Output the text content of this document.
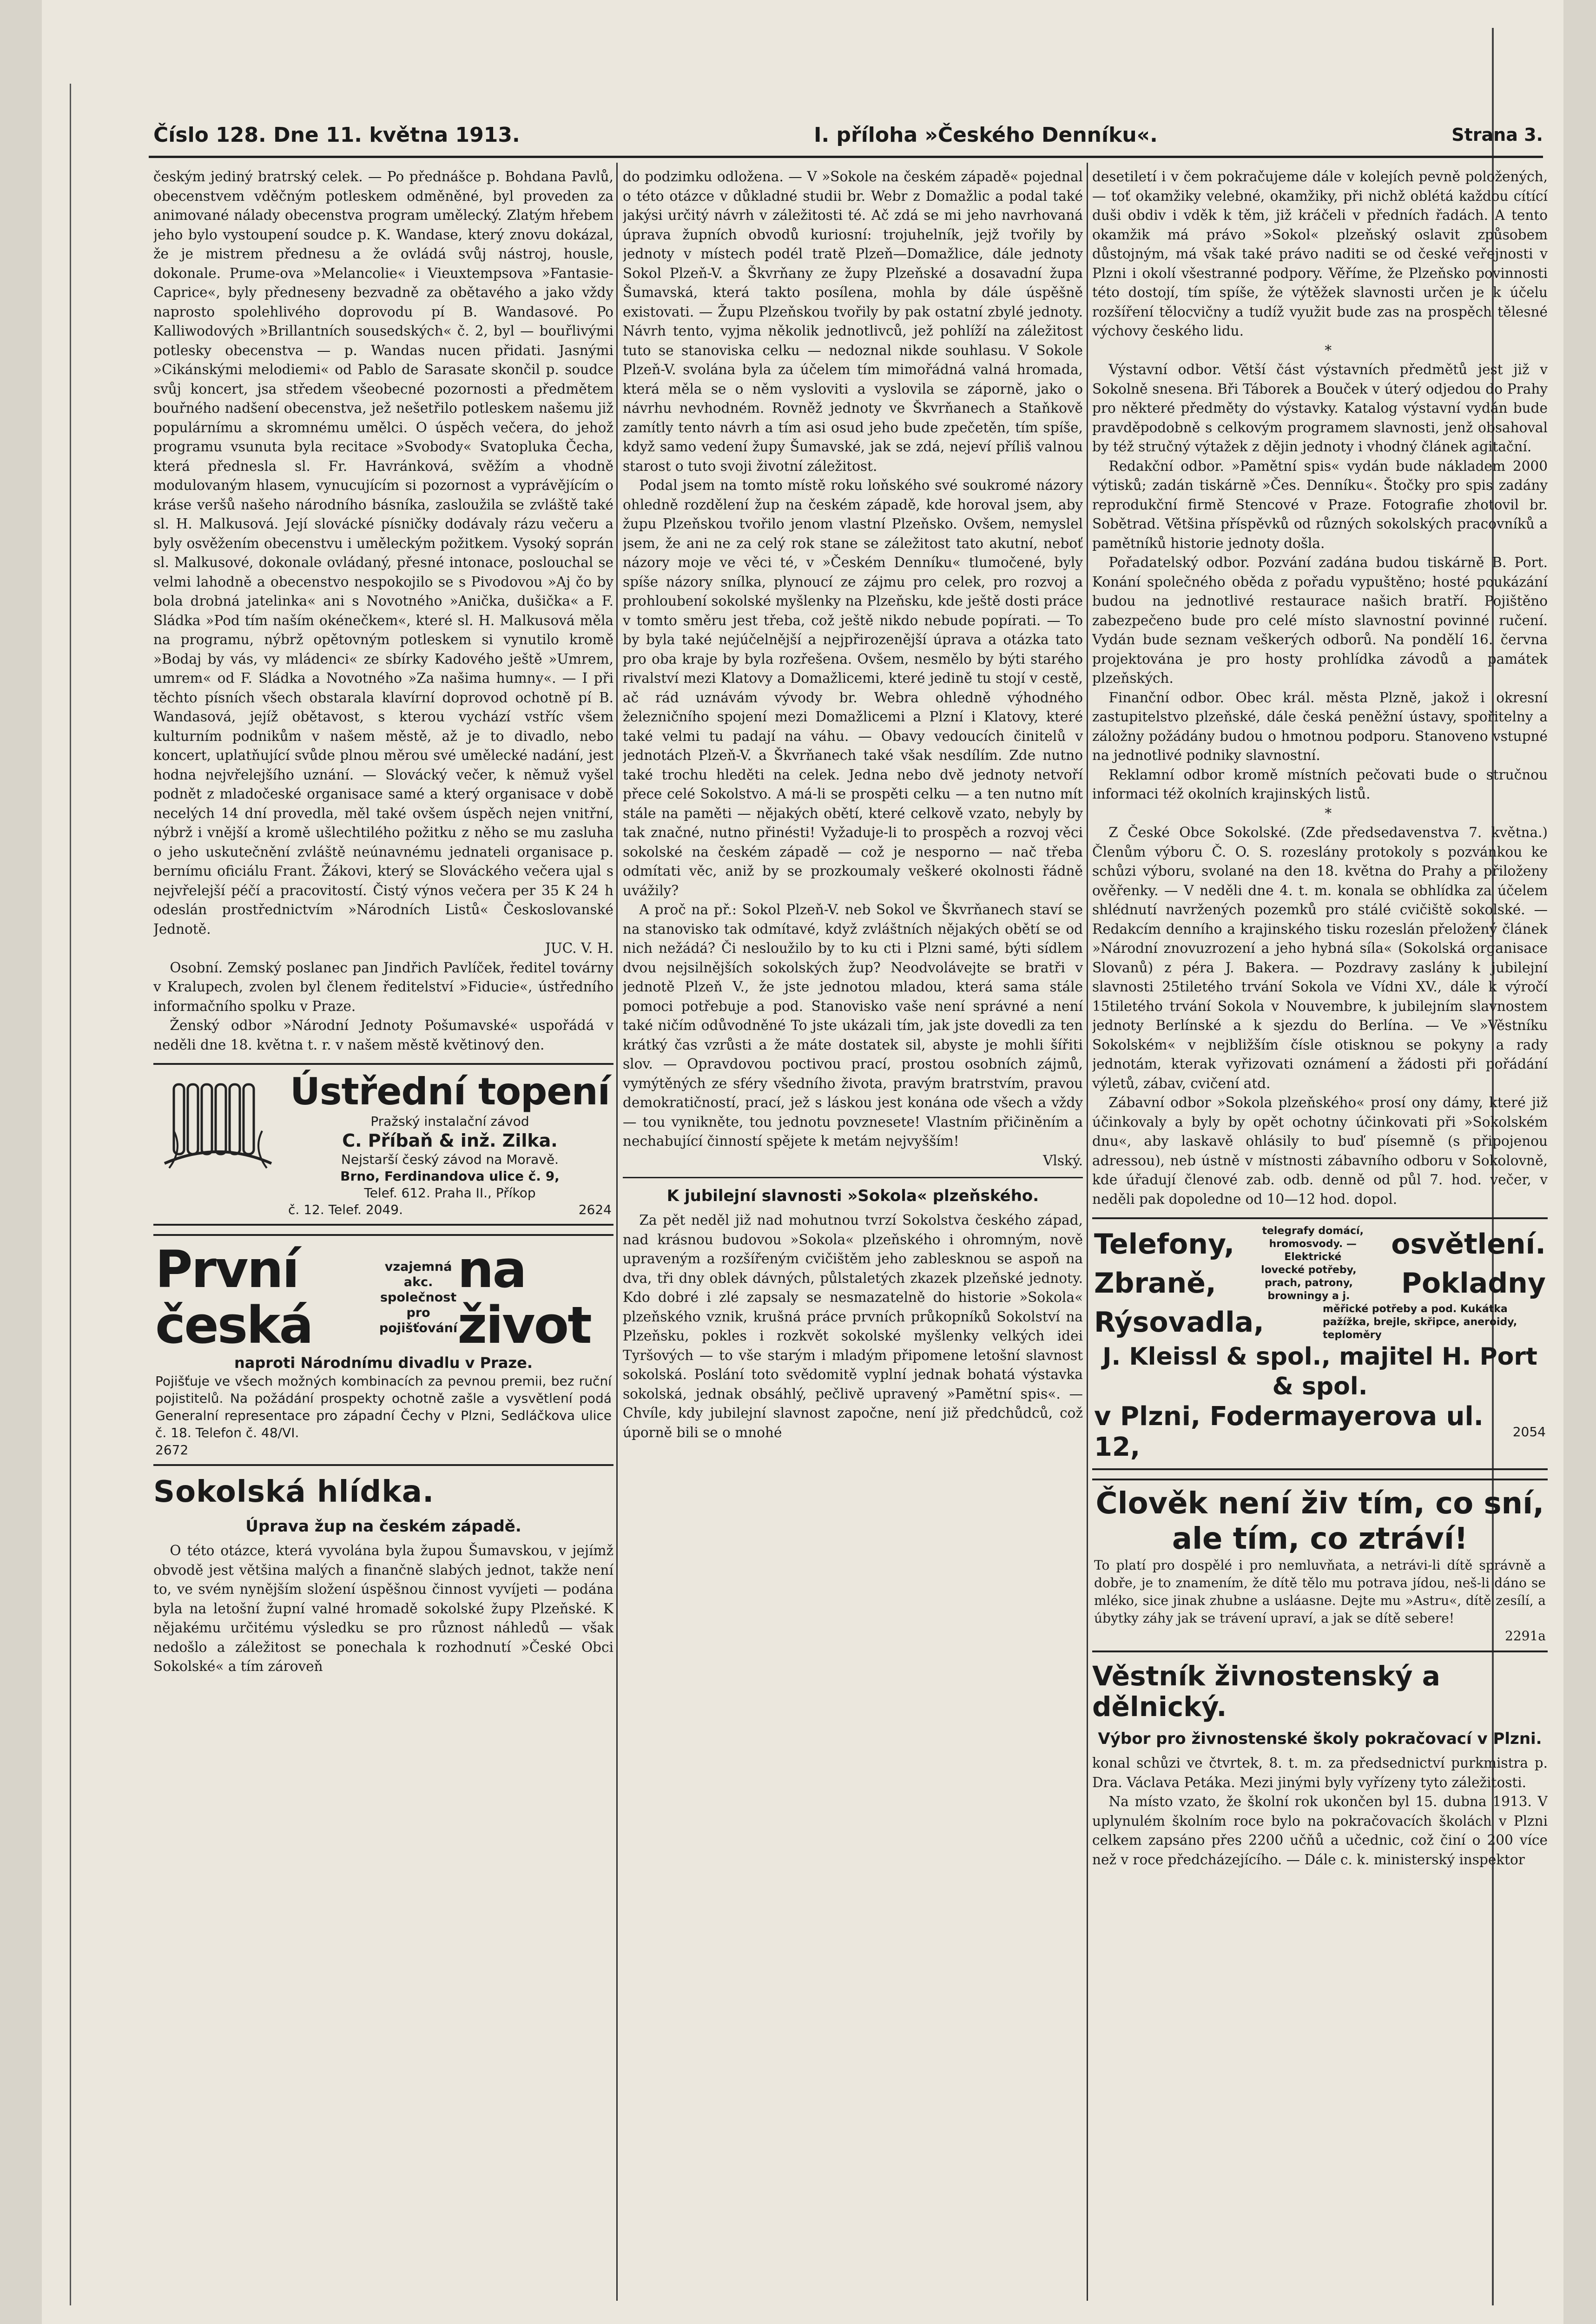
Číslo 128. Dne 11. května 1913.	I. příloha »Českého Denníku«.	Strana 3.

českým jediný bratrský celek. — Po přednášce p. Bohdana Pavlů, obecenstvem vděčným potleskem odměněné, byl proveden za animované nálady obecenstva program umělecký. Zlatým hřebem jeho bylo vystoupení soudce p. K. Wandase, který znovu dokázal, že je mistrem přednesu a že ovládá svůj nástroj, housle, dokonale. Prume-ova »Melancolie« i Vieuxtempsova »Fantasie-Caprice«, byly předneseny bezvadně za obětavého a jako vždy naprosto spolehlivého doprovodu pí B. Wandasové. Po Kalliwodových »Brillantních sousedských« č. 2, byl — bouřlivými potlesky obecenstva — p. Wandas nucen přidati. Jasnými »Cikánskými melodiemi« od Pablo de Sarasate skončil p. soudce svůj koncert, jsa středem všeobecné pozornosti a předmětem bouřného nadšení obecenstva, jež nešetřilo potleskem našemu již populárnímu a skromnému umělci. O úspěch večera, do jehož programu vsunuta byla recitace »Svobody« Svatopluka Čecha, která přednesla sl. Fr. Havránková, svěžím a vhodně modulovaným hlasem, vynucujícím si pozornost a vyprávějícím o kráse veršů našeho národního básníka, zasloužila se zvláště také sl. H. Malkusová. Její slovácké písničky dodávaly rázu večeru a byly osvěžením obecenstvu i uměleckým požitkem. Vysoký soprán sl. Malkusové, dokonale ovládaný, přesné intonace, poslouchal se velmi lahodně a obecenstvo nespokojilo se s Pivodovou »Aj čo by bola drobná jatelinka« ani s Novotného »Anička, dušička« a F. Sládka »Pod tím naším okénečkem«, které sl. H. Malkusová měla na programu, nýbrž opětovným potleskem si vynutilo kromě »Bodaj by vás, vy mládenci« ze sbírky Kadového ještě »Umrem, umrem« od F. Sládka a Novotného »Za našima humny«. — I při těchto písních všech obstarala klavírní doprovod ochotně pí B. Wandasová, jejíž obětavost, s kterou vychází vstříc všem kulturním podnikům v našem městě, až je to divadlo, nebo koncert, uplatňující svůde plnou měrou své umělecké nadání, jest hodna nejvřelejšího uznání. — Slovácký večer, k němuž vyšel podnět z mladočeské organisace samé a který organisace v době necelých 14 dní provedla, měl také ovšem úspěch nejen vnitřní, nýbrž i vnější a kromě ušlechtilého požitku z něho se mu zasluha o jeho uskutečnění zvláště neúnavnému jednateli organisace p. bernímu oficiálu Frant. Žákovi, který se Slováckého večera ujal s nejvřelejší péčí a pracovitostí. Čistý výnos večera per 35 K 24 h odeslán prostřednictvím »Národních Listů« Českoslovanské Jednotě.

JUC. V. H.

Osobní. Zemský poslanec pan Jindřich Pavlíček, ředitel továrny v Kralupech, zvolen byl členem ředitelství »Fiducie«, ústředního informačního spolku v Praze.

Ženský odbor »Národní Jednoty Pošumavské« uspořádá v neděli dne 18. května t. r. v našem městě květinový den.

Ústřední topení
Pražský instalační závod
C. Příbaň & inž. Zilka.
Nejstarší český závod na Moravě.
Brno, Ferdinandova ulice č. 9,
Telef. 612. Praha II., Příkop
č. 12. Telef. 2049.	2624
První česká
vzajemná akc. společnost pro pojišťování
na život
naproti Národnímu divadlu v Praze.
Pojišťuje ve všech možných kombinacích za pevnou premii, bez ruční pojistitelů. Na požádání prospekty ochotně zašle a vysvětlení podá Generalní representace pro západní Čechy v Plzni, Sedláčkova ulice č. 18. Telefon č. 48/VI.
2672
Sokolská hlídka.
Úprava žup na českém západě.

O této otázce, která vyvolána byla župou Šumavskou, v jejímž obvodě jest většina malých a finančně slabých jednot, takže není to, ve svém nynějším složení úspěšnou činnost vyvíjeti — podána byla na letošní župní valné hromadě sokolské župy Plzeňské. K nějakému určitému výsledku se pro různost náhledů — však nedošlo a záležitost se ponechala k rozhodnutí »České Obci Sokolské« a tím zároveň

do podzimku odložena. — V »Sokole na českém západě« pojednal o této otázce v důkladné studii br. Webr z Domažlic a podal také jakýsi určitý návrh v záležitosti té. Ač zdá se mi jeho navrhovaná úprava župních obvodů kuriosní: trojuhelník, jejž tvořily by jednoty v místech podél tratě Plzeň—Domažlice, dále jednoty Sokol Plzeň-V. a Škvrňany ze župy Plzeňské a dosavadní župa Šumavská, která takto posílena, mohla by dále úspěšně existovati. — Župu Plzeňskou tvořily by pak ostatní zbylé jednoty. Návrh tento, vyjma několik jednotlivců, jež pohlíží na záležitost tuto se stanoviska celku — nedoznal nikde souhlasu. V Sokole Plzeň-V. svolána byla za účelem tím mimořádná valná hromada, která měla se o něm vysloviti a vyslovila se záporně, jako o návrhu nevhodném. Rovněž jednoty ve Škvrňanech a Staňkově zamítly tento návrh a tím asi osud jeho bude zpečetěn, tím spíše, když samo vedení župy Šumavské, jak se zdá, nejeví příliš valnou starost o tuto svoji životní záležitost.

Podal jsem na tomto místě roku loňského své soukromé názory ohledně rozdělení žup na českém západě, kde horoval jsem, aby župu Plzeňskou tvořilo jenom vlastní Plzeňsko. Ovšem, nemyslel jsem, že ani ne za celý rok stane se záležitost tato akutní, neboť názory moje ve věci té, v »Českém Denníku« tlumočené, byly spíše názory snílka, plynoucí ze zájmu pro celek, pro rozvoj a prohloubení sokolské myšlenky na Plzeňsku, kde ještě dosti práce v tomto směru jest třeba, což ještě nikdo nebude popírati. — To by byla také nejúčelnější a nejpřirozenější úprava a otázka tato pro oba kraje by byla rozřešena. Ovšem, nesmělo by býti starého rivalství mezi Klatovy a Domažlicemi, které jedině tu stojí v cestě, ač rád uznávám vývody br. Webra ohledně výhodného železničního spojení mezi Domažlicemi a Plzní i Klatovy, které také velmi tu padají na váhu. — Obavy vedoucích činitelů v jednotách Plzeň-V. a Škvrňanech také však nesdílím. Zde nutno také trochu hleděti na celek. Jedna nebo dvě jednoty netvoří přece celé Sokolstvo. A má-li se prospěti celku — a ten nutno mít stále na paměti — nějakých obětí, které celkově vzato, nebyly by tak značné, nutno přinésti! Vyžaduje-li to prospěch a rozvoj věci sokolské na českém západě — což je nesporno — nač třeba odmítati věc, aniž by se prozkoumaly veškeré okolnosti řádně uvážily?

A proč na př.: Sokol Plzeň-V. neb Sokol ve Škvrňanech staví se na stanovisko tak odmítavé, když zvláštních nějakých obětí se od nich nežádá? Či nesloužilo by to ku cti i Plzni samé, býti sídlem dvou nejsilnějších sokolských žup? Neodvolávejte se bratři v jednotě Plzeň V., že jste jednotou mladou, která sama stále pomoci potřebuje a pod. Stanovisko vaše není správné a není také ničím odůvodněné To jste ukázali tím, jak jste dovedli za ten krátký čas vzrůsti a že máte dostatek sil, abyste je mohli šířiti slov. — Opravdovou poctivou prací, prostou osobních zájmů, vymýtěných ze sféry všedního života, pravým bratrstvím, pravou demokratičností, prací, jež s láskou jest konána ode všech a vždy — tou vynikněte, tou jednotu povznesete! Vlastním přičiněním a nechabující činností spějete k metám nejvyšším!

Vlský.

K jubilejní slavnosti »Sokola« plzeňského.

Za pět neděl již nad mohutnou tvrzí Sokolstva českého západ, nad krásnou budovou »Sokola« plzeňského i ohromným, nově upraveným a rozšířeným cvičištěm jeho zablesknou se aspoň na dva, tři dny oblek dávných, půlstaletých zkazek plzeňské jednoty. Kdo dobré i zlé zapsaly se nesmazatelně do historie »Sokola« plzeňského vznik, krušná práce prvních průkopníků Sokolství na Plzeňsku, pokles i rozkvět sokolské myšlenky velkých idei Tyršových — to vše starým i mladým připomene letošní slavnost sokolská. Poslání toto svědomitě vyplní jednak bohatá výstavka sokolská, jednak obsáhlý, pečlivě upravený »Pamětní spis«. — Chvíle, kdy jubilejní slavnost započne, není již předchůdců, což úporně bili se o mnohé

desetiletí i v čem pokračujeme dále v kolejích pevně položených, — toť okamžiky velebné, okamžiky, při nichž oblétá každou cítící duši obdiv i vděk k těm, již kráčeli v předních řadách. A tento okamžik má právo »Sokol« plzeňský oslavit způsobem důstojným, má však také právo naditi se od české veřejnosti v Plzni i okolí všestranné podpory. Věříme, že Plzeňsko povinnosti této dostojí, tím spíše, že výtěžek slavnosti určen je k účelu rozšíření tělocvičny a tudíž využit bude zas na prospěch tělesné výchovy českého lidu.

*

Výstavní odbor. Větší část výstavních předmětů jest již v Sokolně snesena. Bři Táborek a Bouček v úterý odjedou do Prahy pro některé předměty do výstavky. Katalog výstavní vydán bude pravděpodobně s celkovým programem slavnosti, jenž obsahoval by též stručný výtažek z dějin jednoty i vhodný článek agitační.

Redakční odbor. »Pamětní spis« vydán bude nákladem 2000 výtisků; zadán tiskárně »Čes. Denníku«. Štočky pro spis zadány reprodukční firmě Stencové v Praze. Fotografie zhotovil br. Sobětrad. Většina příspěvků od různých sokolských pracovníků a pamětníků historie jednoty došla.

Pořadatelský odbor. Pozvání zadána budou tiskárně B. Port. Konání společného oběda z pořadu vypuštěno; hosté poukázání budou na jednotlivé restaurace našich bratří. Pojištěno zabezpečeno bude pro celé místo slavnostní povinné ručení. Vydán bude seznam veškerých odborů. Na pondělí 16. června projektována je pro hosty prohlídka závodů a památek plzeňských.

Finanční odbor. Obec král. města Plzně, jakož i okresní zastupitelstvo plzeňské, dále česká peněžní ústavy, spořitelny a záložny požádány budou o hmotnou podporu. Stanoveno vstupné na jednotlivé podniky slavnostní.

Reklamní odbor kromě místních pečovati bude o stručnou informaci též okolních krajinských listů.

*

Z České Obce Sokolské. (Zde předsedavenstva 7. května.) Členům výboru Č. O. S. rozeslány protokoly s pozvánkou ke schůzi výboru, svolané na den 18. května do Prahy a přiloženy ověřenky. — V neděli dne 4. t. m. konala se obhlídka za účelem shlédnutí navržených pozemků pro stálé cvičiště sokolské. — Redakcím denního a krajinského tisku rozeslán přeložený článek »Národní znovuzrození a jeho hybná síla« (Sokolská organisace Slovanů) z péra J. Bakera. — Pozdravy zaslány k jubilejní slavnosti 25tiletého trvání Sokola ve Vídni XV., dále k výročí 15tiletého trvání Sokola v Nouvembre, k jubilejním slavnostem jednoty Berlínské a k sjezdu do Berlína. — Ve »Věstníku Sokolském« v nejbližším čísle otisknou se pokyny a rady jednotám, kterak vyřizovati oznámení a žádosti při pořádání výletů, zábav, cvičení atd.

Zábavní odbor »Sokola plzeňského« prosí ony dámy, které již účinkovaly a byly by opět ochotny účinkovati při »Sokolském dnu«, aby laskavě ohlásily to buď písemně (s připojenou adressou), neb ústně v místnosti zábavního odboru v Sokolovně, kde úřadují členové zab. odb. denně od půl 7. hod. večer, v neděli pak dopoledne od 10—12 hod. dopol.

Telefony,	telegrafy domácí, hromosvody. — Elektrické	osvětlení.
Zbraně,	lovecké potřeby, prach, patrony, browningy a j.	Pokladny
Rýsovadla,	měřické potřeby a pod. Kukátka pažížka, brejle, skřipce, aneroidy, teploměry
J. Kleissl & spol., majitel H. Port & spol.
v Plzni, Fodermayerova ul. 12,
2054
Člověk není živ tím, co sní, ale tím, co ztráví!
To platí pro dospělé i pro nemluvňata, a netrávi-li dítě správně a dobře, je to znamením, že dítě tělo mu potrava jídou, neš-li dáno se mléko, sice jinak zhubne a usláasne. Dejte mu »Astru«, dítě zesílí, a úbytky záhy jak se trávení upraví, a jak se dítě sebere!
2291a
Věstník živnostenský a dělnický.
Výbor pro živnostenské školy pokračovací v Plzni.

konal schůzi ve čtvrtek, 8. t. m. za předsednictví purkmistra p. Dra. Václava Petáka. Mezi jinými byly vyřízeny tyto záležitosti.

Na místo vzato, že školní rok ukončen byl 15. dubna 1913. V uplynulém školním roce bylo na pokračovacích školách v Plzni celkem zapsáno přes 2200 učňů a učednic, což činí o 200 více než v roce předcházejícího. — Dále c. k. ministerský inspektor
